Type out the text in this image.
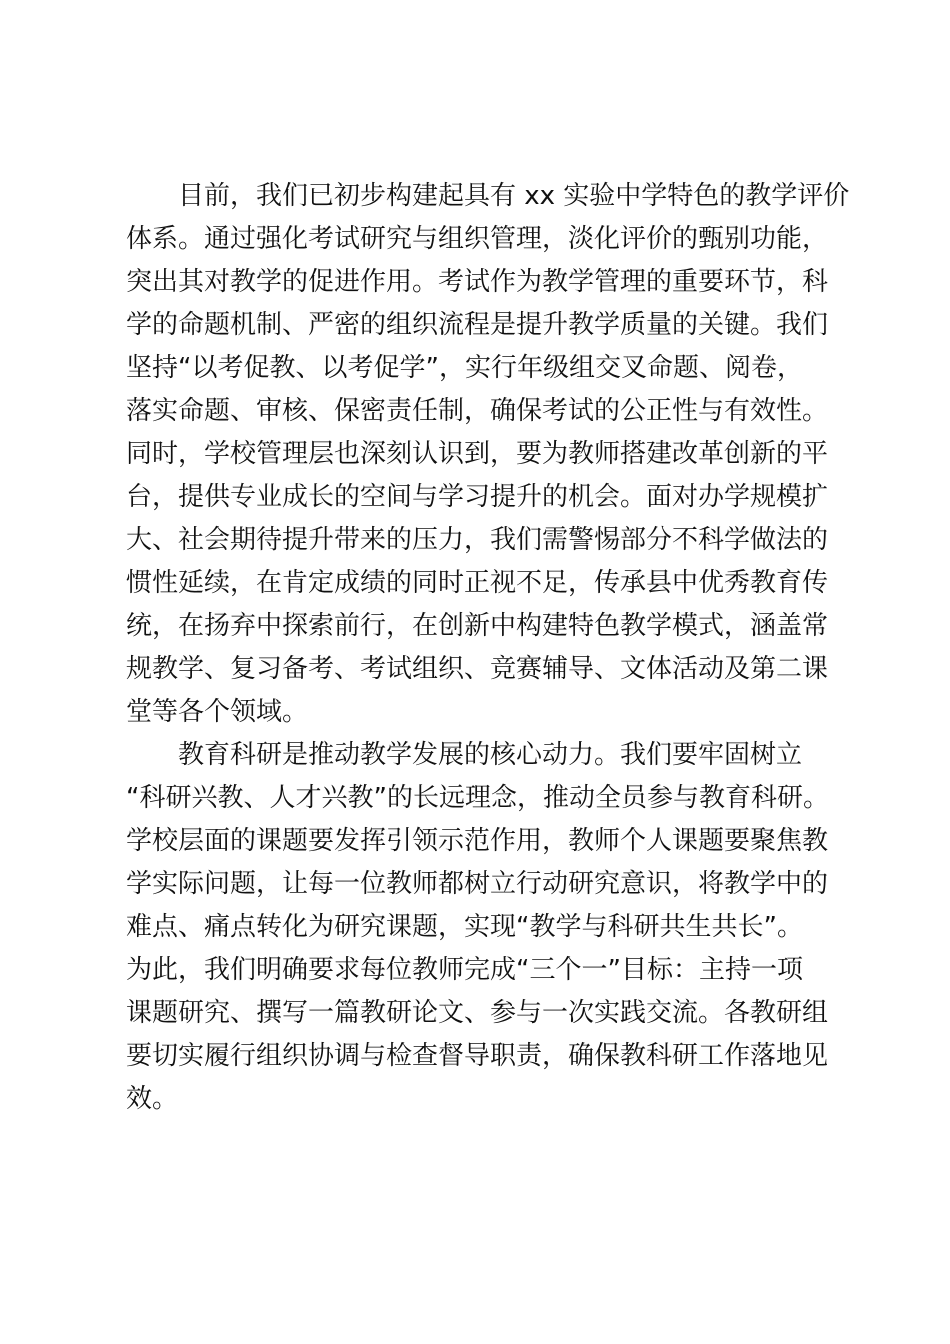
目前，我们已初步构建起具有 xx 实验中学特色的教学评价
体系。通过强化考试研究与组织管理，淡化评价的甄别功能，
突出其对教学的促进作用。考试作为教学管理的重要环节，科
学的命题机制、严密的组织流程是提升教学质量的关键。我们
坚持“以考促教、以考促学”，实行年级组交叉命题、阅卷，
落实命题、审核、保密责任制，确保考试的公正性与有效性。
同时，学校管理层也深刻认识到，要为教师搭建改革创新的平
台，提供专业成长的空间与学习提升的机会。面对办学规模扩
大、社会期待提升带来的压力，我们需警惕部分不科学做法的
惯性延续，在肯定成绩的同时正视不足，传承县中优秀教育传
统，在扬弃中探索前行，在创新中构建特色教学模式，涵盖常
规教学、复习备考、考试组织、竞赛辅导、文体活动及第二课
堂等各个领域。

教育科研是推动教学发展的核心动力。我们要牢固树立
“科研兴教、人才兴教”的长远理念，推动全员参与教育科研。
学校层面的课题要发挥引领示范作用，教师个人课题要聚焦教
学实际问题，让每一位教师都树立行动研究意识，将教学中的
难点、痛点转化为研究课题，实现“教学与科研共生共长”。
为此，我们明确要求每位教师完成“三个一”目标：主持一项
课题研究、撰写一篇教研论文、参与一次实践交流。各教研组
要切实履行组织协调与检查督导职责，确保教科研工作落地见
效。
